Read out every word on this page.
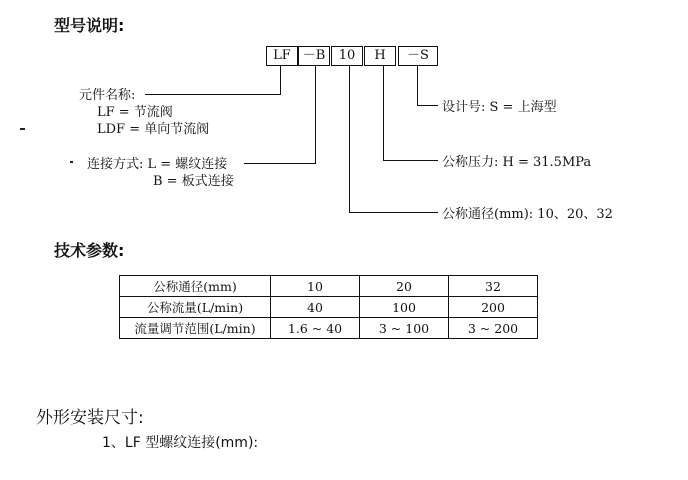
型号说明:
LF －B	10	H	－S
元件名称:
LF = 节流阀
LDF = 单向节流阀
连接方式: L = 螺纹连接
B = 板式连接
设计号: S = 上海型
公称压力: H = 31.5MPa
公称通径(mm): 10、20、32
技术参数:
公称通径(mm)	10	20	32
公称流量(L/min)	40	100	200
流量调节范围(L/min)	1.6 ~ 40	3 ~ 100	3 ~ 200
外形安装尺寸:
1、LF 型螺纹连接(mm):
